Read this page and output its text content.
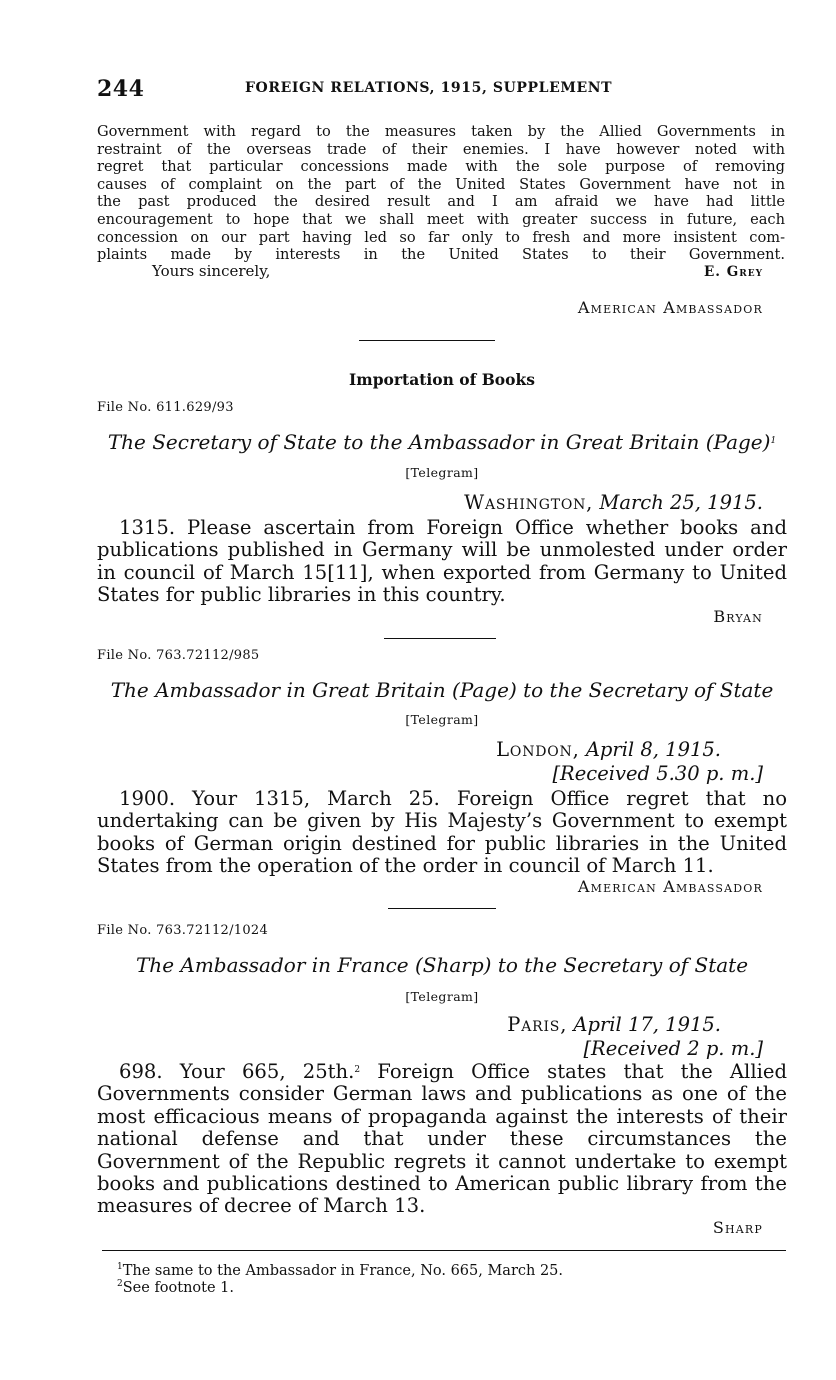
244	FOREIGN RELATIONS, 1915, SUPPLEMENT

Government with regard to the measures taken by the Allied Governments in

restraint of the overseas trade of their enemies. I have however noted with

regret that particular concessions made with the sole purpose of removing

causes of complaint on the part of the United States Government have not in

the past produced the desired result and I am afraid we have had little

encouragement to hope that we shall meet with greater success in future, each

concession on our part having led so far only to fresh and more insistent com-

plaints made by interests in the United States to their Government.

Yours sincerely,	E. Grey
American Ambassador
Importation of Books
File No. 611.629/93
The Secretary of State to the Ambassador in Great Britain (Page)$^1$
[Telegram]
Washington, March 25, 1915.

1315. Please ascertain from Foreign Office whether books and publications published in Germany will be unmolested under order in council of March 15[11], when exported from Germany to United States for public libraries in this country.

Bryan
File No. 763.72112/985
The Ambassador in Great Britain (Page) to the Secretary of State
[Telegram]
London, April 8, 1915.
[Received 5.30 p. m.]

1900. Your 1315, March 25. Foreign Office regret that no undertaking can be given by His Majesty’s Government to exempt books of German origin destined for public libraries in the United States from the operation of the order in council of March 11.

American Ambassador
File No. 763.72112/1024
The Ambassador in France (Sharp) to the Secretary of State
[Telegram]
Paris, April 17, 1915.
[Received 2 p. m.]

698. Your 665, 25th.$^2$ Foreign Office states that the Allied Governments consider German laws and publications as one of the most efficacious means of propaganda against the interests of their national defense and that under these circumstances the Government of the Republic regrets it cannot undertake to exempt books and publications destined to American public library from the measures of decree of March 13.

Sharp
$^1$The same to the Ambassador in France, No. 665, March 25.
$^2$See footnote 1.
